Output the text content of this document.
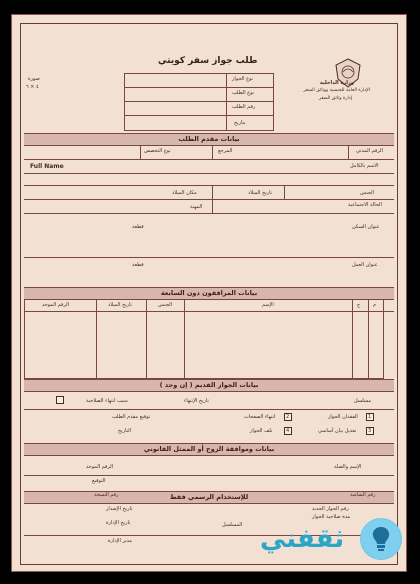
وزارة الداخلية
الإدارة العامة للجنسية ووثائق السفر
إدارة وثائق السفر
طلب جواز سفر كويتي
نوع الجواز
نوع الطلب
رقم الطلب
بتاريخ
صورة
٤ × ٦
بيانات مقدم الطلب
الرقم المدني
المرجع
نوع التخصص
الاسم بالكامل
Full Name
الجنس
تاريخ الميلاد
مكان الميلاد
الحالة الاجتماعية
المهنة
عنوان السكن
قطعة
عنوان العمل
قطعة
بيانات المرافقون دون السابعة
م
ج
الإسم
الجنس
تاريخ الميلاد
الرقم الموحد
بيانات الجواز القديم ( إن وجد )
مسلسل
تاريخ الإنتهاء
سبب انتهاء الصلاحية
1
الفقدان الجواز
2
انتهاء الصفحات
3
تعديل بيان أساسي
4
تلف الجواز
توقيع مقدم الطلب
التاريخ
بيانات وموافقة الزوج أو الممثل القانوني
الإسم والصلة
الرقم الموحد
التوقيع
للإستخدام الرسمي فقط	رقم الشاشة
رقم النسخة
رقم الجواز الجديد
تاريخ الإصدار
مدة صلاحية الجواز
المسلسل
تاريخ الإدارة
مدير الإدارة	ثقفني
